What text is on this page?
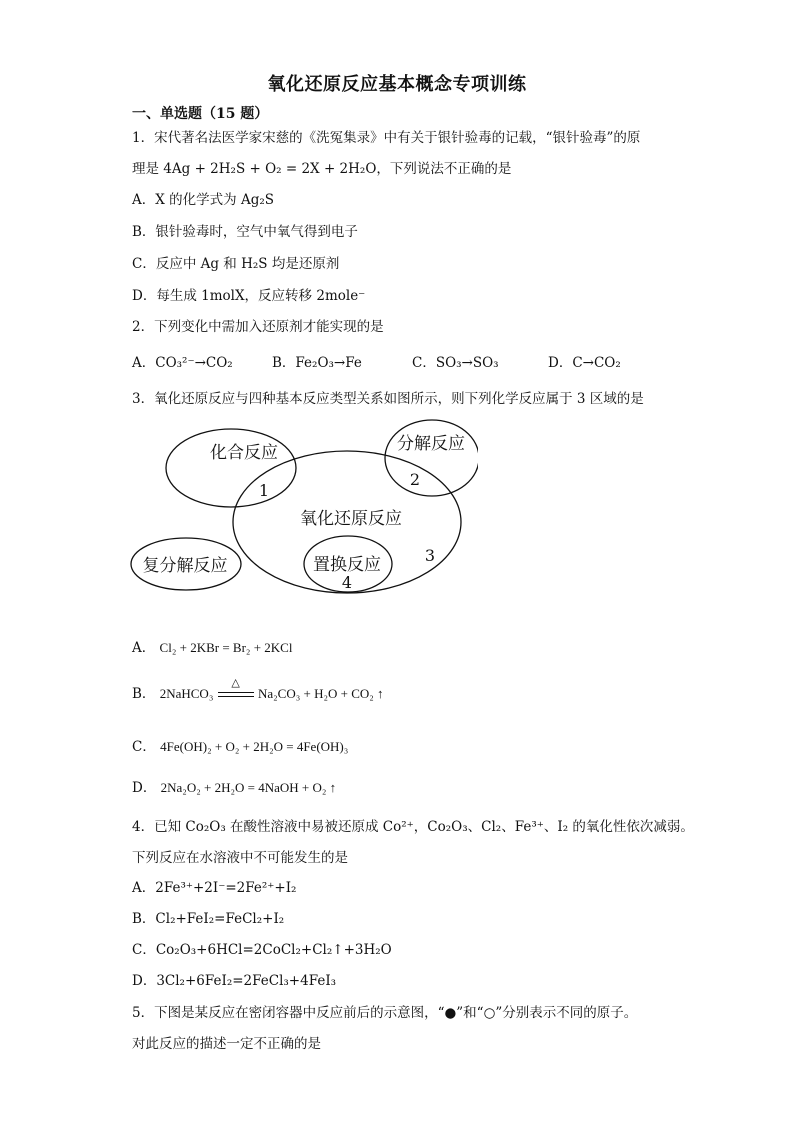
氧化还原反应基本概念专项训练
一、单选题（15 题）
1．宋代著名法医学家宋慈的《洗冤集录》中有关于银针验毒的记载，“银针验毒”的原
理是 4Ag + 2H₂S + O₂ = 2X + 2H₂O，下列说法不正确的是
A．X 的化学式为 Ag₂S
B．银针验毒时，空气中氧气得到电子
C．反应中 Ag 和 H₂S 均是还原剂
D．每生成 1molX，反应转移 2mole⁻
2．下列变化中需加入还原剂才能实现的是
A．CO₃²⁻→CO₂	B．Fe₂O₃→Fe	C．SO₃→SO₃	D．C→CO₂
3．氧化还原反应与四种基本反应类型关系如图所示，则下列化学反应属于 3 区域的是
化合反应	分解反应
氧化还原反应
复分解反应	置换反应
1
2
3
4
A． Cl₂ + 2KBr = Br₂ + 2KCl
B． 2NaHCO₃
△
Na₂CO₃ + H₂O + CO₂ ↑
C． 4Fe(OH)₂ + O₂ + 2H₂O = 4Fe(OH)₃
D． 2Na₂O₂ + 2H₂O = 4NaOH + O₂ ↑
4．已知 Co₂O₃ 在酸性溶液中易被还原成 Co²⁺，Co₂O₃、Cl₂、Fe³⁺、I₂ 的氧化性依次减弱。
下列反应在水溶液中不可能发生的是
A．2Fe³⁺+2I⁻=2Fe²⁺+I₂
B．Cl₂+FeI₂=FeCl₂+I₂
C．Co₂O₃+6HCl=2CoCl₂+Cl₂↑+3H₂O
D．3Cl₂+6FeI₂=2FeCl₃+4FeI₃
5．下图是某反应在密闭容器中反应前后的示意图，“●”和“○”分别表示不同的原子。
对此反应的描述一定不正确的是
